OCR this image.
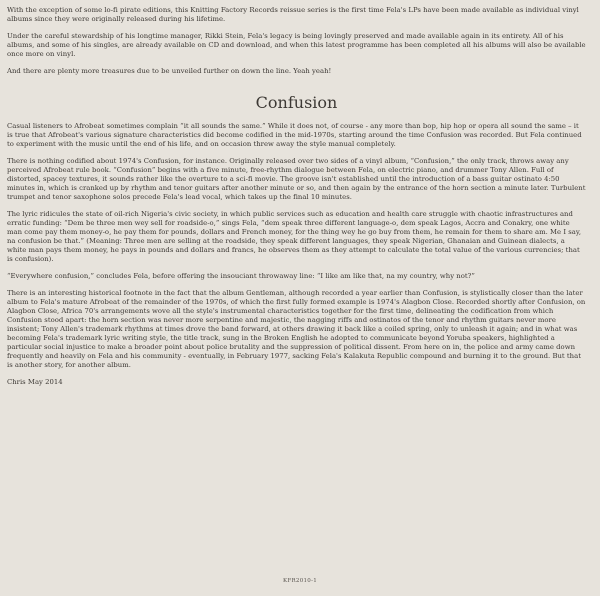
With the exception of some lo-fi pirate editions, this Knitting Factory Records reissue series is the first time Fela's LPs have been made available as individual vinyl albums since they were originally released during his lifetime.

Under the careful stewardship of his longtime manager, Rikki Stein, Fela's legacy is being lovingly preserved and made available again in its entirety. All of his albums, and some of his singles, are already available on CD and download, and when this latest programme has been completed all his albums will also be available once more on vinyl.

And there are plenty more treasures due to be unveiled further on down the line. Yeah yeah!

Confusion

Casual listeners to Afrobeat sometimes complain “it all sounds the same.” While it does not, of course - any more than bop, hip hop or opera all sound the same – it is true that Afrobeat's various signature characteristics did become codified in the mid-1970s, starting around the time Confusion was recorded. But Fela continued to experiment with the music until the end of his life, and on occasion threw away the style manual completely.

There is nothing codified about 1974's Confusion, for instance. Originally released over two sides of a vinyl album, “Confusion,” the only track, throws away any perceived Afrobeat rule book. “Confusion” begins with a five minute, free-rhythm dialogue between Fela, on electric piano, and drummer Tony Allen. Full of distorted, spacey textures, it sounds rather like the overture to a sci-fi movie. The groove isn't established until the introduction of a bass guitar ostinato 4:50 minutes in, which is cranked up by rhythm and tenor guitars after another minute or so, and then again by the entrance of the horn section a minute later. Turbulent trumpet and tenor saxophone solos precede Fela's lead vocal, which takes up the final 10 minutes.

The lyric ridicules the state of oil-rich Nigeria's civic society, in which public services such as education and health care struggle with chaotic infrastructures and erratic funding: “Dem be three men wey sell for roadside-o,” sings Fela, “dem speak three different language-o, dem speak Lagos, Accra and Conakry, one white man come pay them money-o, he pay them for pounds, dollars and French money, for the thing wey he go buy from them, he remain for them to share am. Me I say, na confusion be that.” (Meaning: Three men are selling at the roadside, they speak different languages, they speak Nigerian, Ghanaian and Guinean dialects, a white man pays them money, he pays in pounds and dollars and francs, he observes them as they attempt to calculate the total value of the various currencies; that is confusion).

“Everywhere confusion,” concludes Fela, before offering the insouciant throwaway line: “I like am like that, na my country, why not?”

There is an interesting historical footnote in the fact that the album Gentleman, although recorded a year earlier than Confusion, is stylistically closer than the later album to Fela's mature Afrobeat of the remainder of the 1970s, of which the first fully formed example is 1974's Alagbon Close. Recorded shortly after Confusion, on Alagbon Close, Africa 70's arrangements wove all the style's instrumental characteristics together for the first time, delineating the codification from which Confusion stood apart: the horn section was never more serpentine and majestic, the nagging riffs and ostinatos of the tenor and rhythm guitars never more insistent; Tony Allen's trademark rhythms at times drove the band forward, at others drawing it back like a coiled spring, only to unleash it again; and in what was becoming Fela's trademark lyric writing style, the title track, sung in the Broken English he adopted to communicate beyond Yoruba speakers, highlighted a particular social injustice to make a broader point about police brutality and the suppression of political dissent. From here on in, the police and army came down frequently and heavily on Fela and his community - eventually, in February 1977, sacking Fela's Kalakuta Republic compound and burning it to the ground. But that is another story, for another album.

Chris May 2014

KFR2010-1
